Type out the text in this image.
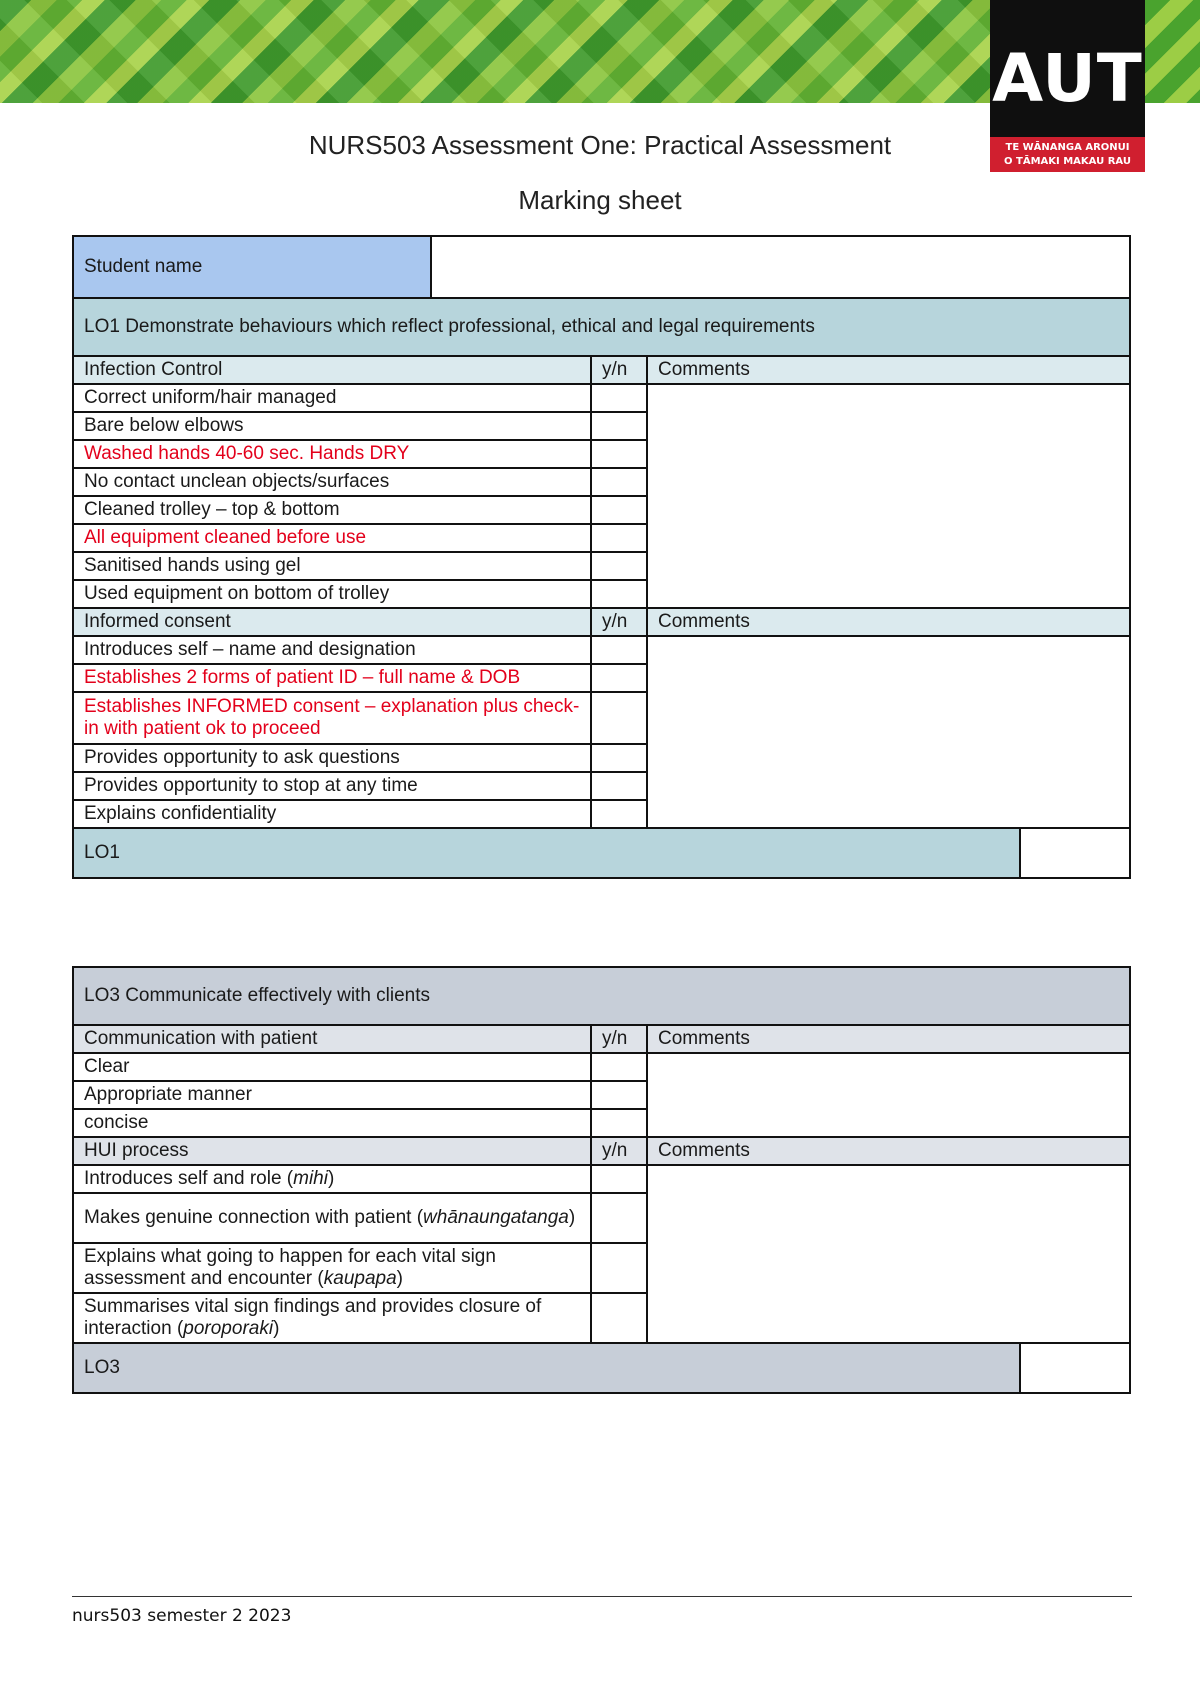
AUT
TE WĀNANGA ARONUI
O TĀMAKI MAKAU RAU
NURS503 Assessment One: Practical Assessment
Marking sheet
Student name				
LO1 Demonstrate behaviours which reflect professional, ethical and legal requirements				
Infection Control		y/n	Comments	
Correct uniform/hair managed				
Bare below elbows				
Washed hands 40-60 sec. Hands DRY				
No contact unclean objects/surfaces				
Cleaned trolley – top & bottom				
All equipment cleaned before use				
Sanitised hands using gel				
Used equipment on bottom of trolley				
Informed consent		y/n	Comments	
Introduces self – name and designation				
Establishes 2 forms of patient ID – full name & DOB				
Establishes INFORMED consent – explanation plus check-in with patient ok to proceed				
Provides opportunity to ask questions				
Provides opportunity to stop at any time				
Explains confidentiality				
LO1				
LO3 Communicate effectively with clients			
Communication with patient	y/n	Comments	
Clear			
Appropriate manner			
concise			
HUI process	y/n	Comments	
Introduces self and role (mihi)			
Makes genuine connection with patient (whānaungatanga)			
Explains what going to happen for each vital sign assessment and encounter (kaupapa)			
Summarises vital sign findings and provides closure of interaction (poroporaki)			
LO3			
nurs503 semester 2 2023
